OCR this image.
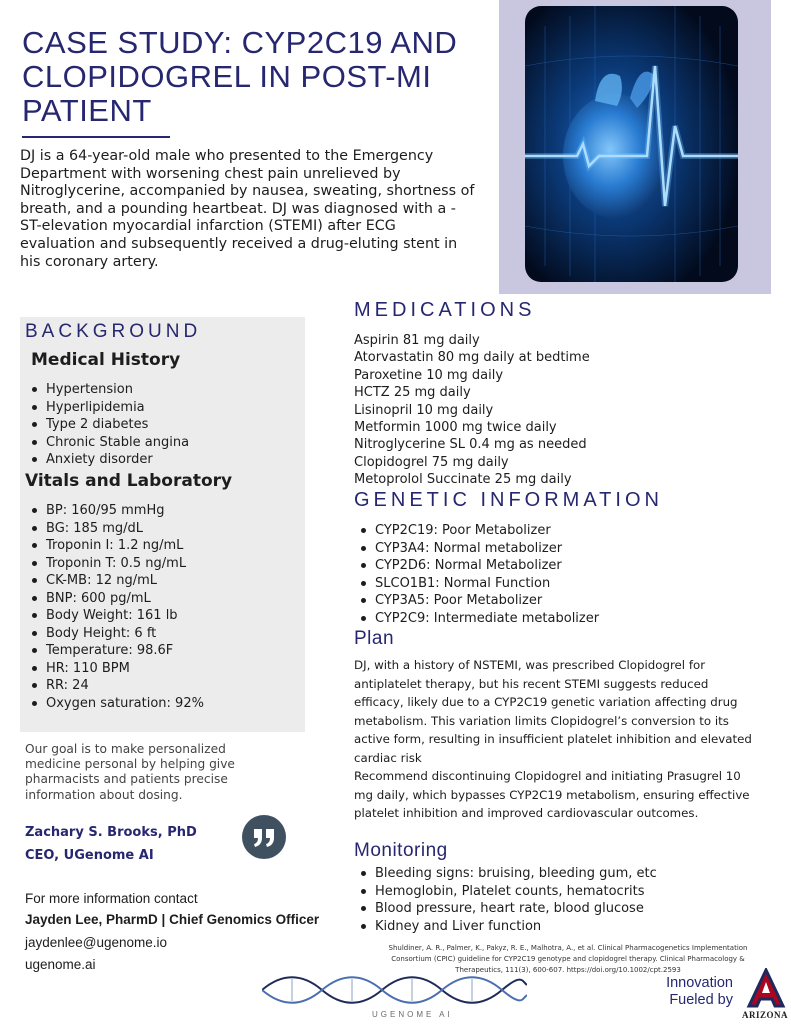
CASE STUDY: CYP2C19 AND CLOPIDOGREL IN POST-MI PATIENT

DJ is a 64-year-old male who presented to the Emergency Department with worsening chest pain unrelieved by Nitroglycerine, accompanied by nausea, sweating, shortness of breath, and a pounding heartbeat. DJ was diagnosed with a -ST-elevation myocardial infarction (STEMI) after ECG evaluation and subsequently received a drug-eluting stent in his coronary artery.

BACKGROUND
Medical History
Hypertension
Hyperlipidemia
Type 2 diabetes
Chronic Stable angina
Anxiety disorder
Vitals and Laboratory
BP: 160/95 mmHg
BG: 185 mg/dL
Troponin I: 1.2 ng/mL
Troponin T: 0.5 ng/mL
CK-MB: 12 ng/mL
BNP: 600 pg/mL
Body Weight: 161 lb
Body Height: 6 ft
Temperature: 98.6F
HR: 110 BPM
RR: 24
Oxygen saturation: 92%

Our goal is to make personalized medicine personal by helping give pharmacists and patients precise information about dosing.

Zachary S. Brooks, PhD

CEO, UGenome AI

For more information contact

Jayden Lee, PharmD | Chief Genomics Officer

jaydenlee@ugenome.io

ugenome.ai

MEDICATIONS

Aspirin 81 mg daily

Atorvastatin 80 mg daily at bedtime

Paroxetine 10 mg daily

HCTZ 25 mg daily

Lisinopril 10 mg daily

Metformin 1000 mg twice daily

Nitroglycerine SL 0.4 mg as needed

Clopidogrel 75 mg daily

Metoprolol Succinate 25 mg daily

GENETIC INFORMATION
CYP2C19: Poor Metabolizer
CYP3A4: Normal metabolizer
CYP2D6: Normal Metabolizer
SLCO1B1: Normal Function
CYP3A5: Poor Metabolizer
CYP2C9: Intermediate metabolizer
Plan
DJ, with a history of NSTEMI, was prescribed Clopidogrel for antiplatelet therapy, but his recent STEMI suggests reduced efficacy, likely due to a CYP2C19 genetic variation affecting drug metabolism. This variation limits Clopidogrel’s conversion to its active form, resulting in insufficient platelet inhibition and elevated cardiac risk
Recommend discontinuing Clopidogrel and initiating Prasugrel 10 mg daily, which bypasses CYP2C19 metabolism, ensuring effective platelet inhibition and improved cardiovascular outcomes.
Monitoring
Bleeding signs: bruising, bleeding gum, etc
Hemoglobin, Platelet counts, hematocrits
Blood pressure, heart rate, blood glucose
Kidney and Liver function

Shuldiner, A. R., Palmer, K., Pakyz, R. E., Malhotra, A., et al. Clinical Pharmacogenetics Implementation Consortium (CPIC) guideline for CYP2C19 genotype and clopidogrel therapy. Clinical Pharmacology & Therapeutics, 111(3), 600-607. https://doi.org/10.1002/cpt.2593

UGENOME AI

Innovation Fueled by

ARIZONA
